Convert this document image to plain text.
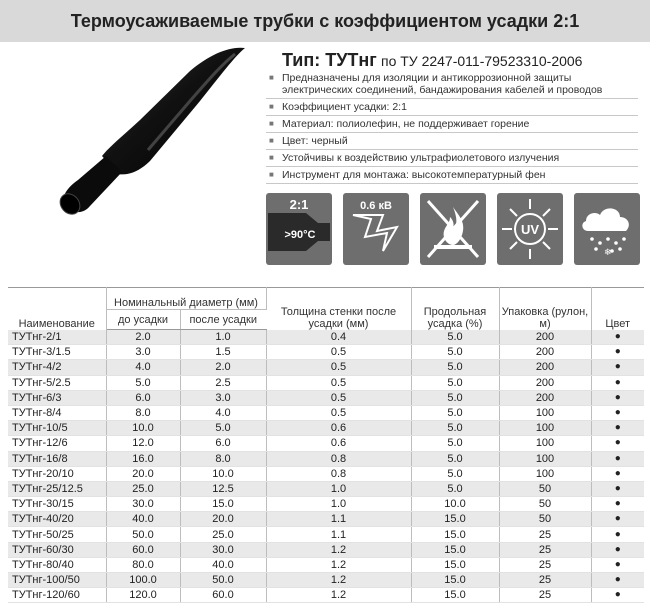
Термоусаживаемые трубки с коэффициентом усадки 2:1
Тип: ТУТнг по ТУ 2247-011-79523310-2006
■ Предназначены для изоляции и антикоррозионной защиты электрических соединений, бандажирования кабелей и проводов
■ Коэффициент усадки: 2:1
■ Материал: полиолефин, не поддерживает горение
■ Цвет: черный
■ Устойчивы к воздействию ультрафиолетового излучения
■ Инструмент для монтажа: высокотемпературный фен
2:1
>90°C
0.6 кВ
UV
❄
Наименование	Номинальный диаметр (мм)		Толщина стенки после усадки (мм)	Продольная усадка (%)	Упаковка (рулон, м)	Цвет
	до усадки	после усадки				
ТУТнг-2/1	2.0	1.0	0.4	5.0	200	●
ТУТнг-3/1.5	3.0	1.5	0.5	5.0	200	●
ТУТнг-4/2	4.0	2.0	0.5	5.0	200	●
ТУТнг-5/2.5	5.0	2.5	0.5	5.0	200	●
ТУТнг-6/3	6.0	3.0	0.5	5.0	200	●
ТУТнг-8/4	8.0	4.0	0.5	5.0	100	●
ТУТнг-10/5	10.0	5.0	0.6	5.0	100	●
ТУТнг-12/6	12.0	6.0	0.6	5.0	100	●
ТУТнг-16/8	16.0	8.0	0.8	5.0	100	●
ТУТнг-20/10	20.0	10.0	0.8	5.0	100	●
ТУТнг-25/12.5	25.0	12.5	1.0	5.0	50	●
ТУТнг-30/15	30.0	15.0	1.0	10.0	50	●
ТУТнг-40/20	40.0	20.0	1.1	15.0	50	●
ТУТнг-50/25	50.0	25.0	1.1	15.0	25	●
ТУТнг-60/30	60.0	30.0	1.2	15.0	25	●
ТУТнг-80/40	80.0	40.0	1.2	15.0	25	●
ТУТнг-100/50	100.0	50.0	1.2	15.0	25	●
ТУТнг-120/60	120.0	60.0	1.2	15.0	25	●
